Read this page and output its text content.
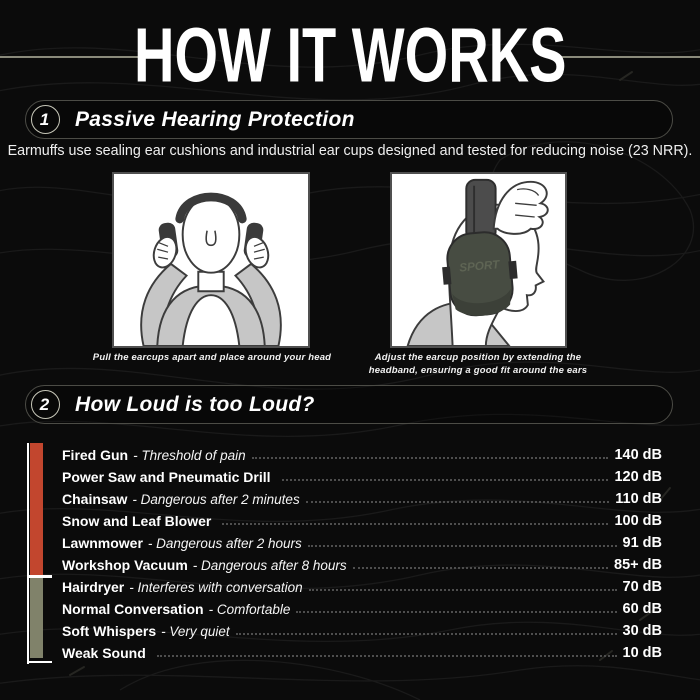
HOW IT WORKS
1	Passive Hearing Protection

Earmuffs use sealing ear cushions and industrial ear cups designed and tested for reducing noise (23 NRR).

SPORT
Pull the earcups apart and place around your head	Adjust the earcup position by extending the headband, ensuring a good fit around the ears
2	How Loud is too Loud?
Fired Gun - Threshold of pain	140 dB
Power Saw and Pneumatic Drill	120 dB
Chainsaw - Dangerous after 2 minutes	110 dB
Snow and Leaf Blower	100 dB
Lawnmower - Dangerous after 2 hours	91 dB
Workshop Vacuum - Dangerous after 8 hours	85+ dB
Hairdryer - Interferes with conversation	70 dB
Normal Conversation - Comfortable	60 dB
Soft Whispers - Very quiet	30 dB
Weak Sound	10 dB
